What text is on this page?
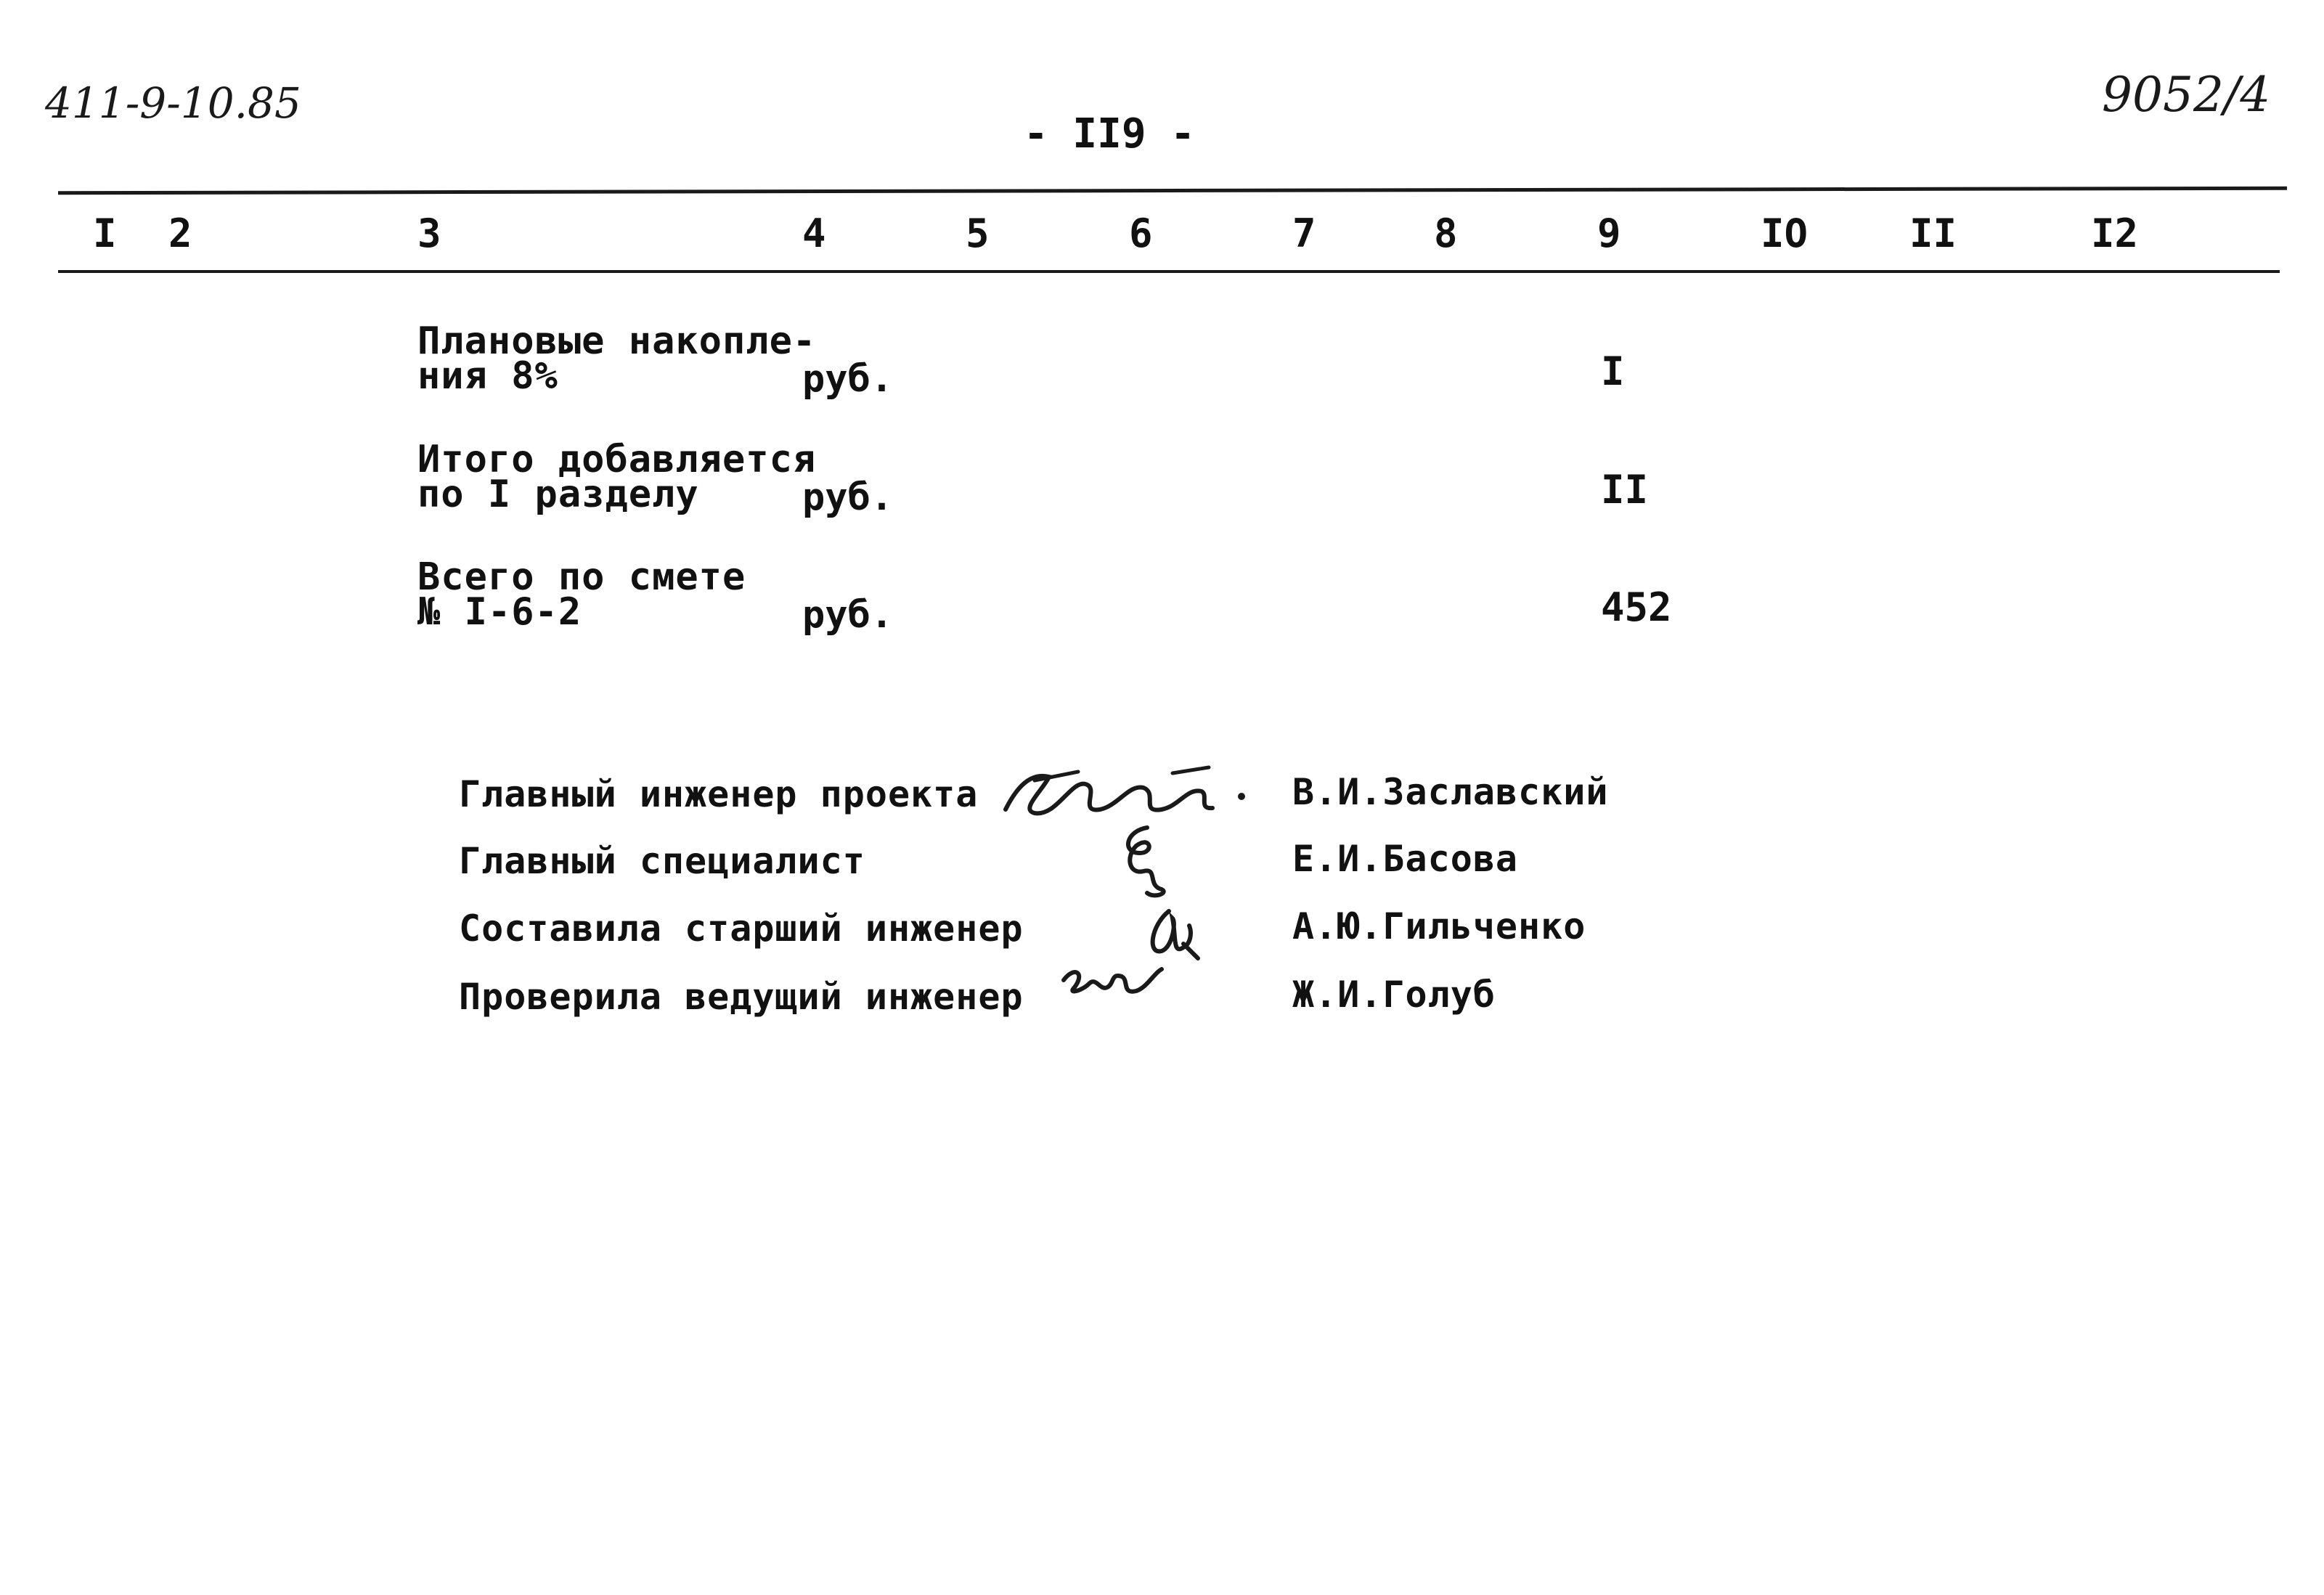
411-9-10.85
- II9 -
9052/4
I 2	3	4	5	6	7	8	9	IO	II	I2
Плановые накопле-
ния 8%	руб.	I
Итого добавляется
по I разделу	руб.	II
Всего по смете
№ I-6-2	руб.	452
Главный инженер проекта	В.И.Заславский
Главный специалист	Е.И.Басова
Составила старший инженер	А.Ю.Гильченко
Проверила ведущий инженер	Ж.И.Голуб
